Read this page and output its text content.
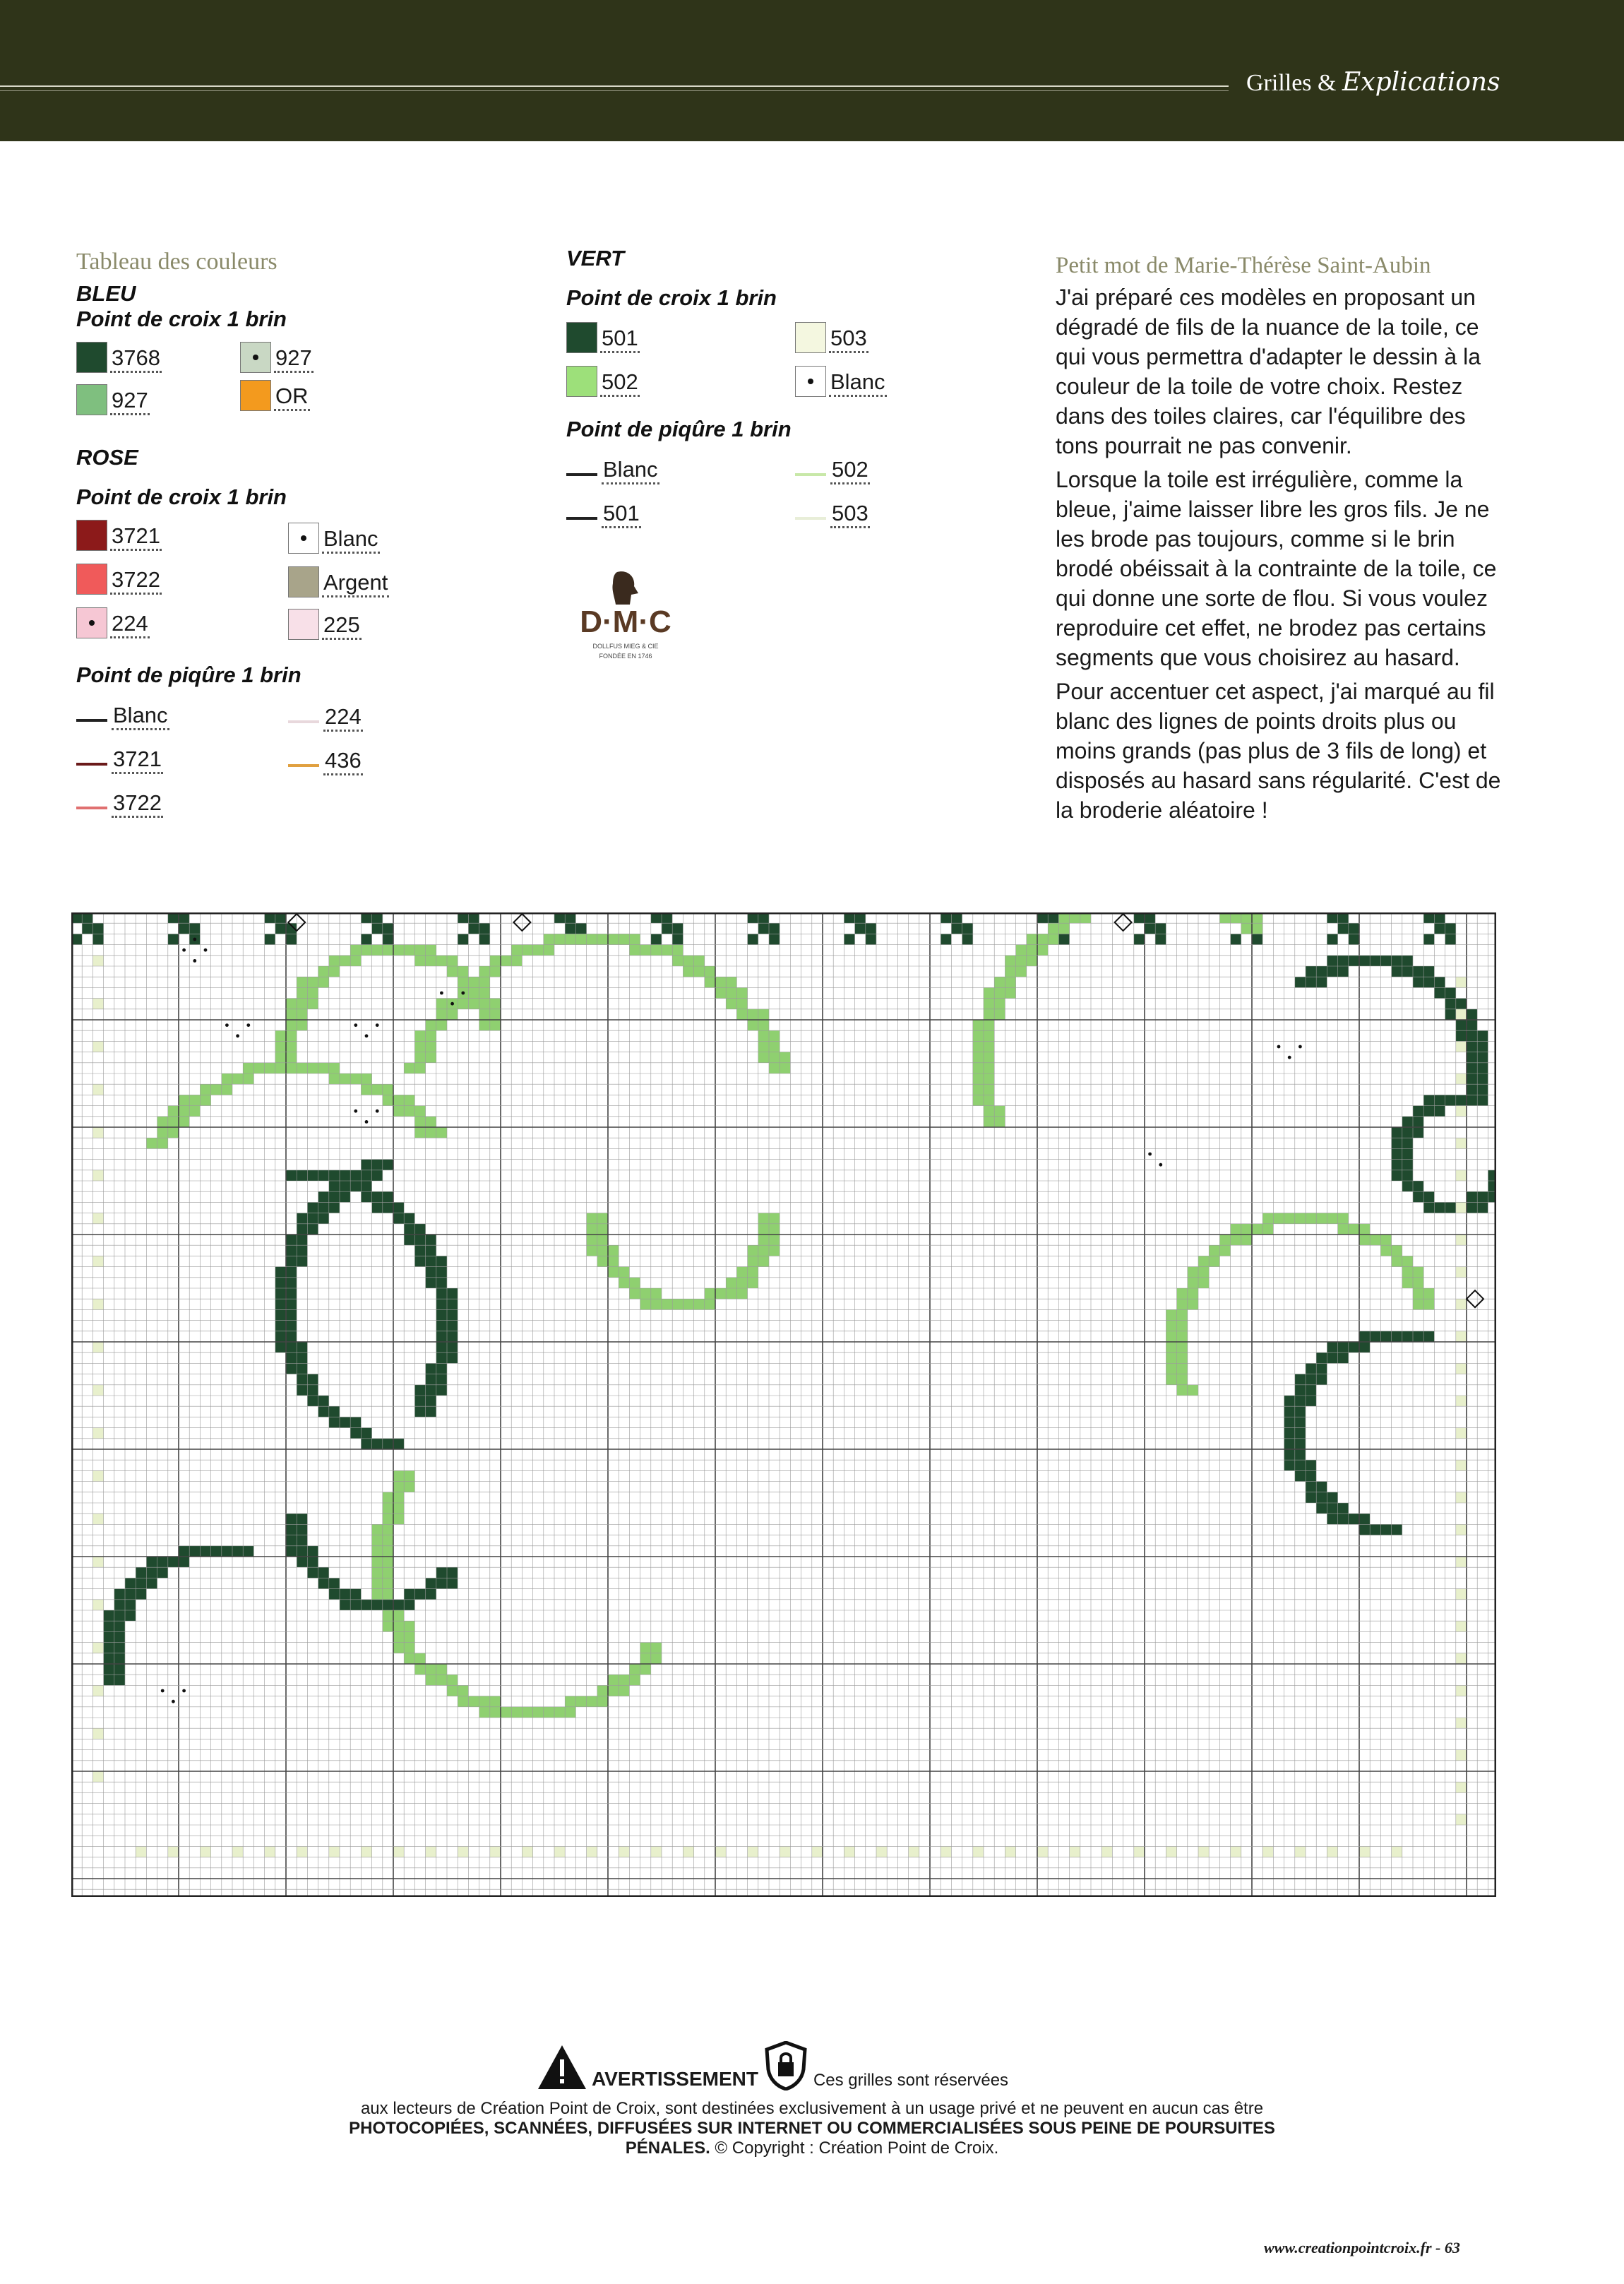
Grilles & Explications
Tableau des couleurs
BLEU
Point de croix 1 brin
3768	927
927	OR
ROSE
Point de croix 1 brin
3721	Blanc
3722	Argent
224	225
Point de piqûre 1 brin
Blanc	224
3721	436
3722
VERT
Point de croix 1 brin
501	503
502	Blanc
Point de piqûre 1 brin
Blanc	502
501	503
D·M·C
DOLLFUS MIEG & CIE
FONDÉE EN 1746
Petit mot de Marie-Thérèse Saint-Aubin

J'ai préparé ces modèles en proposant un dégradé de fils de la nuance de la toile, ce qui vous permettra d'adapter le dessin à la couleur de la toile de votre choix. Restez dans des toiles claires, car l'équilibre des tons pourrait ne pas convenir.

Lorsque la toile est irrégulière, comme la bleue, j'aime laisser libre les gros fils. Je ne les brode pas toujours, comme si le brin brodé obéissait à la contrainte de la toile, ce qui donne une sorte de flou. Si vous voulez reproduire cet effet, ne brodez pas certains segments que vous choisirez au hasard.

Pour accentuer cet aspect, j'ai marqué au fil blanc des lignes de points droits plus ou moins grands (pas plus de 3 fils de long) et disposés au hasard sans régularité. C'est de la broderie aléatoire !

AVERTISSEMENT	Ces grilles sont réservées
aux lecteurs de Création Point de Croix, sont destinées exclusivement à un usage privé et ne peuvent en aucun cas être
PHOTOCOPIÉES, SCANNÉES, DIFFUSÉES SUR INTERNET OU COMMERCIALISÉES SOUS PEINE DE POURSUITES
PÉNALES. © Copyright : Création Point de Croix.
www.creationpointcroix.fr - 63
